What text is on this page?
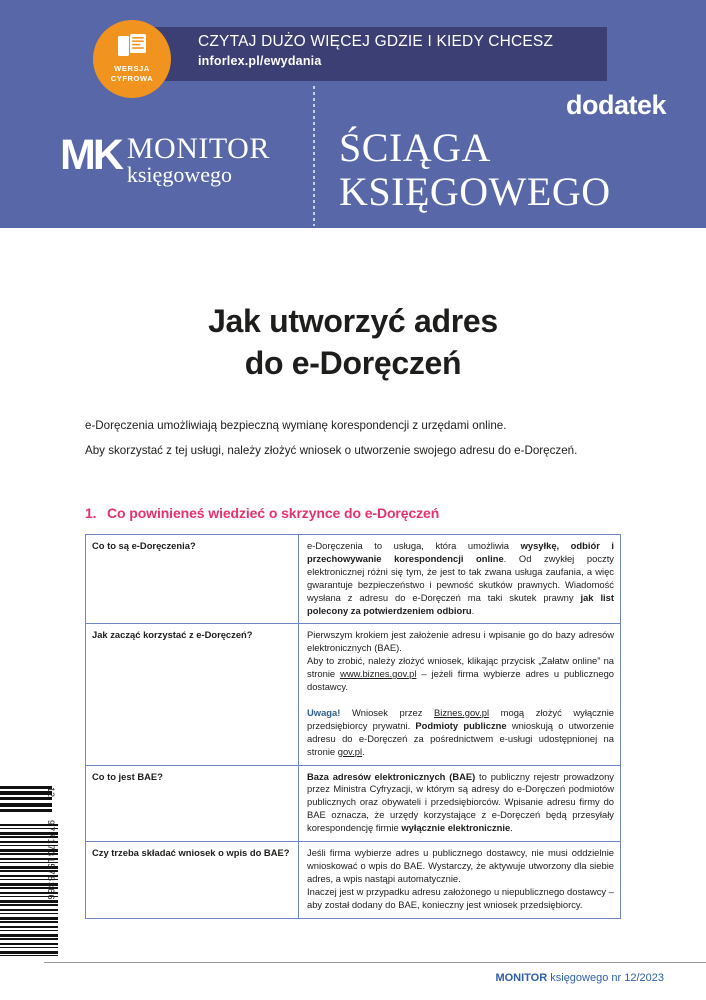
CZYTAJ DUŻO WIĘCEJ GDZIE I KIEDY CHCESZ
inforlex.pl/ewydania
WERSJA
CYFROWA
MK MONITOR
księgowego
dodatek
ŚCIĄGA
KSIĘGOWEGO
Jak utworzyć adres
do e-Doręczeń

e-Doręczenia umożliwiają bezpieczną wymianę korespondencji z urzędami online.

Aby skorzystać z tej usługi, należy złożyć wniosek o utworzenie swojego adresu do e-Doręczeń.

1. Co powinieneś wiedzieć o skrzynce do e-Doręczeń
Co to są e-Doręczenia?	e-Doręczenia to usługa, która umożliwia wysyłkę, odbiór i przechowywanie korespondencji online. Od zwykłej poczty elektronicznej różni się tym, że jest to tak zwana usługa zaufania, a więc gwarantuje bezpieczeństwo i pewność skutków prawnych. Wiadomość wysłana z adresu do e-Doręczeń ma taki skutek prawny jak list polecony za potwierdzeniem odbioru.
Jak zacząć korzystać z e-Doręczeń?	Pierwszym krokiem jest założenie adresu i wpisanie go do bazy adresów elektronicznych (BAE).

Aby to zrobić, należy złożyć wniosek, klikając przycisk „Załatw online” na stronie www.biznes.gov.pl – jeżeli firma wybierze adres u publicznego dostawcy.

Uwaga! Wniosek przez Biznes.gov.pl mogą złożyć wyłącznie przedsiębiorcy prywatni. Podmioty publiczne wnioskują o utworzenie adresu do e-Doręczeń za pośrednictwem e-usługi udostępnionej na stronie gov.pl.

Co to jest BAE?	Baza adresów elektronicznych (BAE) to publiczny rejestr prowadzony przez Ministra Cyfryzacji, w którym są adresy do e-Doręczeń podmiotów publicznych oraz obywateli i przedsiębiorców. Wpisanie adresu firmy do BAE oznacza, że urzędy korzystające z e-Doręczeń będą przesyłały korespondencję firmie wyłącznie elektronicznie.
Czy trzeba składać wniosek o wpis do BAE?	Jeśli firma wybierze adres u publicznego dostawcy, nie musi oddzielnie wnioskować o wpis do BAE. Wystarczy, że aktywuje utworzony dla siebie adres, a wpis nastąpi automatycznie.

Inaczej jest w przypadku adresu założonego u niepublicznego dostawcy – aby został dodany do BAE, konieczny jest wniosek przedsiębiorcy.

12
9771731578366
MONITOR księgowego nr 12/2023
